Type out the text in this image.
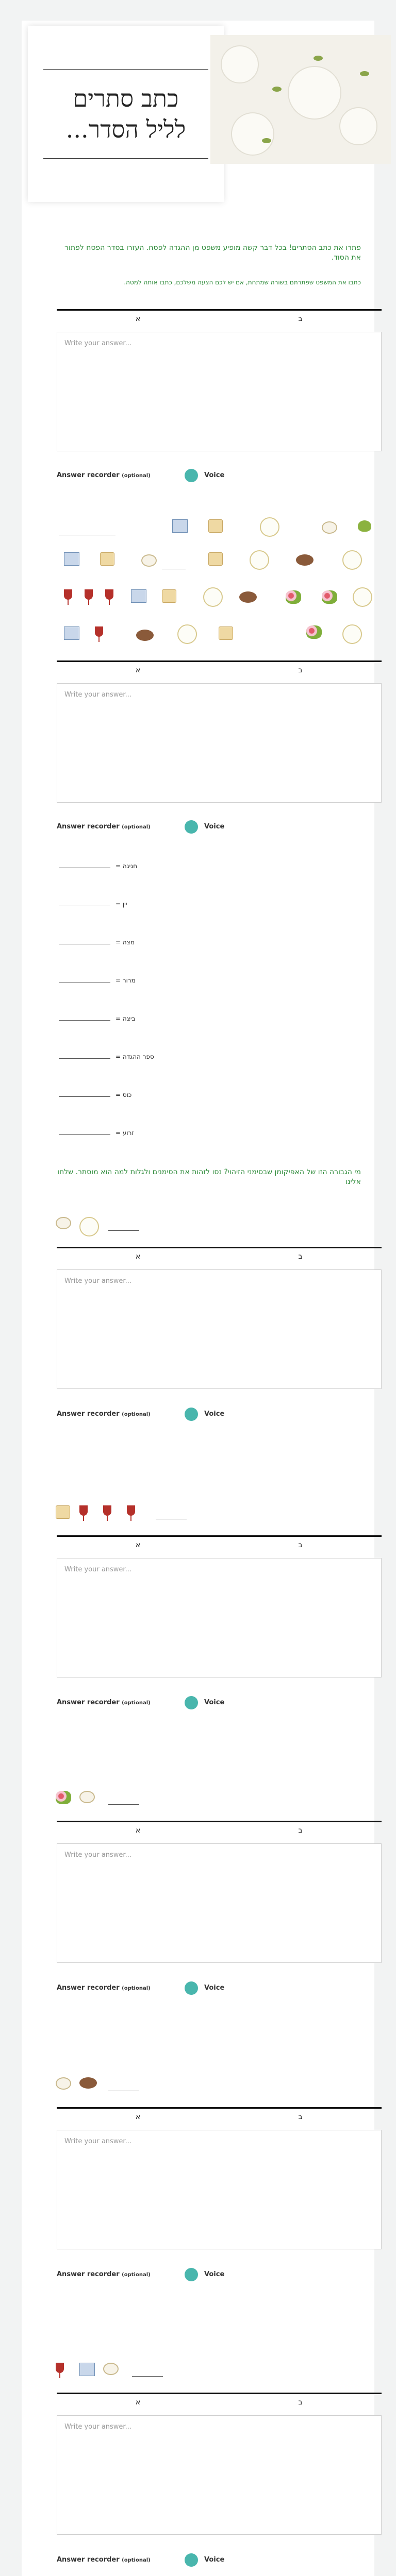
כתב סתרים
לליל הסדר...
פתרו את כתב הסתרים! בכל דבר קשה מופיע משפט מן ההגדה לפסח. העזרו בסדר הפסח לפתור את הסוד.
כתבו את המשפט שפתרתם בשורה שמתחת, אם יש לכם הצעה משלכם, כתבו אותה למטה.
א	ב
Write your answer...
Answer recorder (optional)	Voice
א	ב
Write your answer...
Answer recorder (optional)	Voice
חגיגה =
יין =
מצה =
מרור =
ביצה =
ספר ההגדה =
כוס =
זרוע =
מי הגבורה הזו של האפיקומן שבסימני הזיהוי? נסו לזהות את הסימנים ולגלות למה הוא מוסתר. שלחו אלינו
א	ב
Write your answer...
Answer recorder (optional)	Voice
א	ב
Write your answer...
Answer recorder (optional)	Voice
א	ב
Write your answer...
Answer recorder (optional)	Voice
א	ב
Write your answer...
Answer recorder (optional)	Voice
א	ב
Write your answer...
Answer recorder (optional)	Voice
